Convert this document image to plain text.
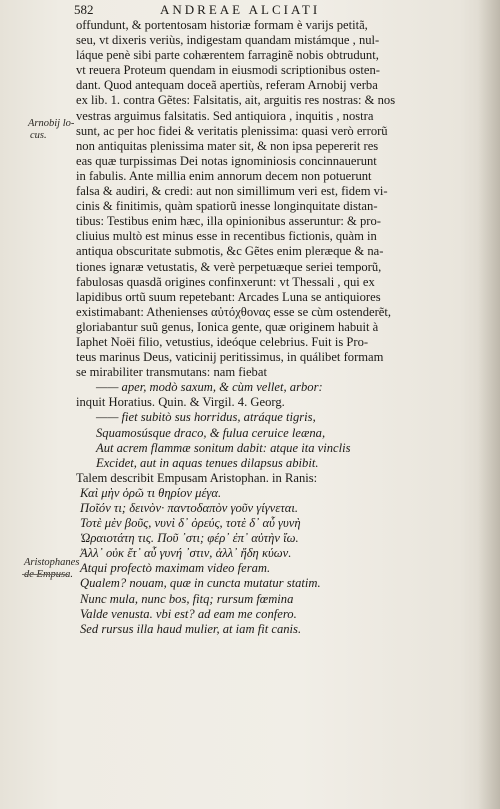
582	ANDREAE ALCIATI
Arnobij lo-
cus.
Aristophanes
de Empusa.
offundunt, & portentosam historiæ formam è varijs petitã,
seu, vt dixeris veriùs, indigestam quandam mistámque , nul-
láque penè sibi parte cohærentem farraginẽ nobis obtrudunt,
vt reuera Proteum quendam in eiusmodi scriptionibus osten-
dant. Quod antequam doceã apertiùs, referam Arnobij verba
ex lib. 1. contra Gẽtes: Falsitatis, ait, arguitis res nostras: & nos
vestras arguimus falsitatis. Sed antiquiora , inquitis , nostra
sunt, ac per hoc fidei & veritatis plenissima: quasi verò errorũ
non antiquitas plenissima mater sit, & non ipsa pepererit res
eas quæ turpissimas Dei notas ignominiosis concinnauerunt
in fabulis. Ante millia enim annorum decem non potuerunt
falsa & audiri, & credi: aut non simillimum veri est, fidem vi-
cinis & finitimis, quàm spatiorũ inesse longinquitate distan-
tibus: Testibus enim hæc, illa opinionibus asseruntur: & pro-
cliuius multò est minus esse in recentibus fictionis, quàm in
antiqua obscuritate submotis, &c Gẽtes enim pleræque & na-
tiones ignaræ vetustatis, & verè perpetuæque seriei temporũ,
fabulosas quasdã origines confinxerunt: vt Thessali , qui ex
lapidibus ortũ suum repetebant: Arcades Luna se antiquiores
existimabant: Athenienses αὐτόχθονας esse se cùm ostenderẽt,
gloriabantur suũ genus, Ionica gente, quæ originem habuit à
Iaphet Noëi filio, vetustius, ideóque celebrius. Fuit is Pro-
teus marinus Deus, vaticinij peritissimus, in quálibet formam
se mirabiliter transmutans: nam fiebat
—— aper, modò saxum, & cùm vellet, arbor:
inquit Horatius. Quin. & Virgil. 4. Georg.
—— fiet subitò sus horridus, atráque tigris,
Squamosúsque draco, & fulua ceruice leæna,
Aut acrem flammæ sonitum dabit: atque ita vinclis
Excidet, aut in aquas tenues dilapsus abibit.
Talem describit Empusam Aristophan. in Ranis:
Καὶ μὴν ὁρῶ τι θηρίον μέγα.
Ποῖόν τι; δεινὸν· παντοδαπὸν γοῦν γίγνεται.
Τοτὲ μὲν βοῦς, νυνὶ δ᾽ ὀρεύς, τοτὲ δ᾽ αὖ γυνὴ
Ὡραιοτάτη τις. Ποῦ ᾽στι; φέρ᾽ ἐπ᾽ αὐτὴν ἴω.
Ἀλλ᾽ οὐκ ἔτ᾽ αὖ γυνή ᾽στιν, ἀλλ᾽ ἤδη κύων.
Atqui profectò maximam video feram.
Qualem? nouam, quæ in cuncta mutatur statim.
Nunc mula, nunc bos, fitq; rursum fœmina
Valde venusta. vbi est? ad eam me confero.
Sed rursus illa haud mulier, at iam fit canis.
